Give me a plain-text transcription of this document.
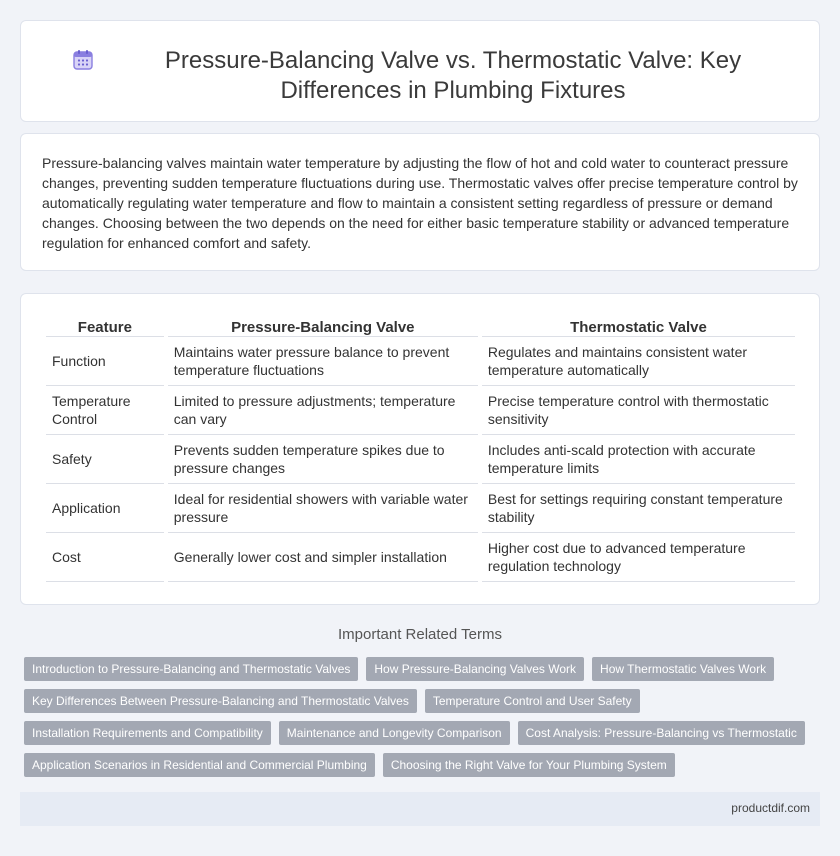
Pressure-Balancing Valve vs. Thermostatic Valve: Key Differences in Plumbing Fixtures

Pressure-balancing valves maintain water temperature by adjusting the flow of hot and cold water to counteract pressure changes, preventing sudden temperature fluctuations during use. Thermostatic valves offer precise temperature control by automatically regulating water temperature and flow to maintain a consistent setting regardless of pressure or demand changes. Choosing between the two depends on the need for either basic temperature stability or advanced temperature regulation for enhanced comfort and safety.

Feature	Pressure-Balancing Valve	Thermostatic Valve
Function	Maintains water pressure balance to prevent temperature fluctuations	Regulates and maintains consistent water temperature automatically
Temperature Control	Limited to pressure adjustments; temperature can vary	Precise temperature control with thermostatic sensitivity
Safety	Prevents sudden temperature spikes due to pressure changes	Includes anti-scald protection with accurate temperature limits
Application	Ideal for residential showers with variable water pressure	Best for settings requiring constant temperature stability
Cost	Generally lower cost and simpler installation	Higher cost due to advanced temperature regulation technology
Important Related Terms
Introduction to Pressure-Balancing and Thermostatic Valves	How Pressure-Balancing Valves Work	How Thermostatic Valves Work
Key Differences Between Pressure-Balancing and Thermostatic Valves	Temperature Control and User Safety
Installation Requirements and Compatibility	Maintenance and Longevity Comparison	Cost Analysis: Pressure-Balancing vs Thermostatic
Application Scenarios in Residential and Commercial Plumbing	Choosing the Right Valve for Your Plumbing System
productdif.com
